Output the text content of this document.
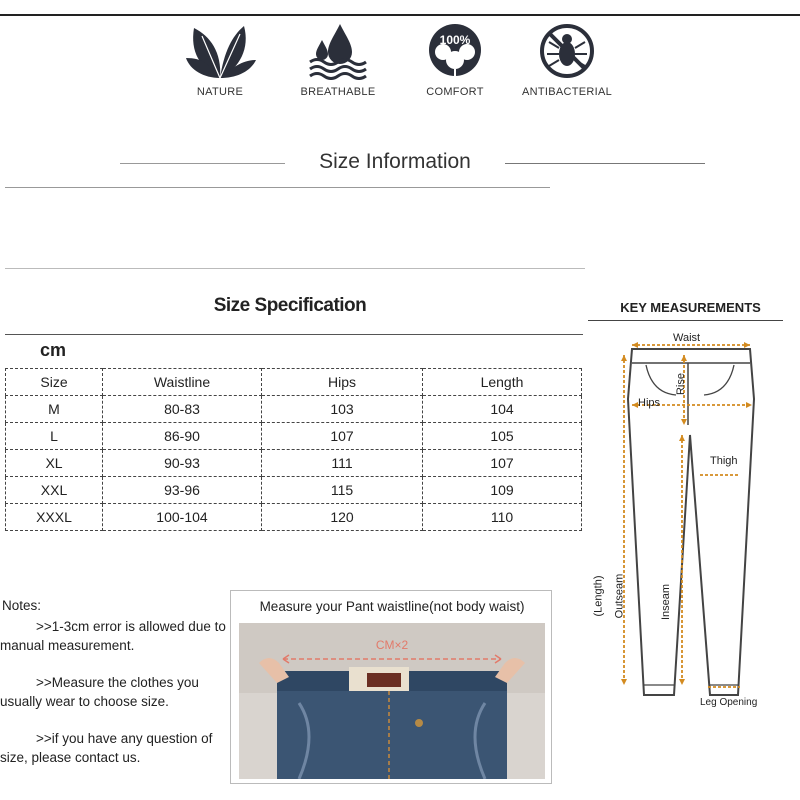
NATURE	BREATHABLE
100%
COMFORT	ANTIBACTERIAL
Size Information
Size Specification
cm
Size	Waistline	Hips	Length
M	80-83	103	104
L	86-90	107	105
XL	90-93	111	107
XXL	93-96	115	109
XXXL	100-104	120	110

Notes:

>>1-3cm error is allowed due to manual measurement.

>>Measure the clothes you usually wear to choose size.

>>if you have any question of size, please contact us.

Measure your Pant waistline(not body waist)
CM×2
KEY MEASUREMENTS
Waist
Rise
Hips
Thigh
(Length) Outseam	Inseam
Leg Opening
